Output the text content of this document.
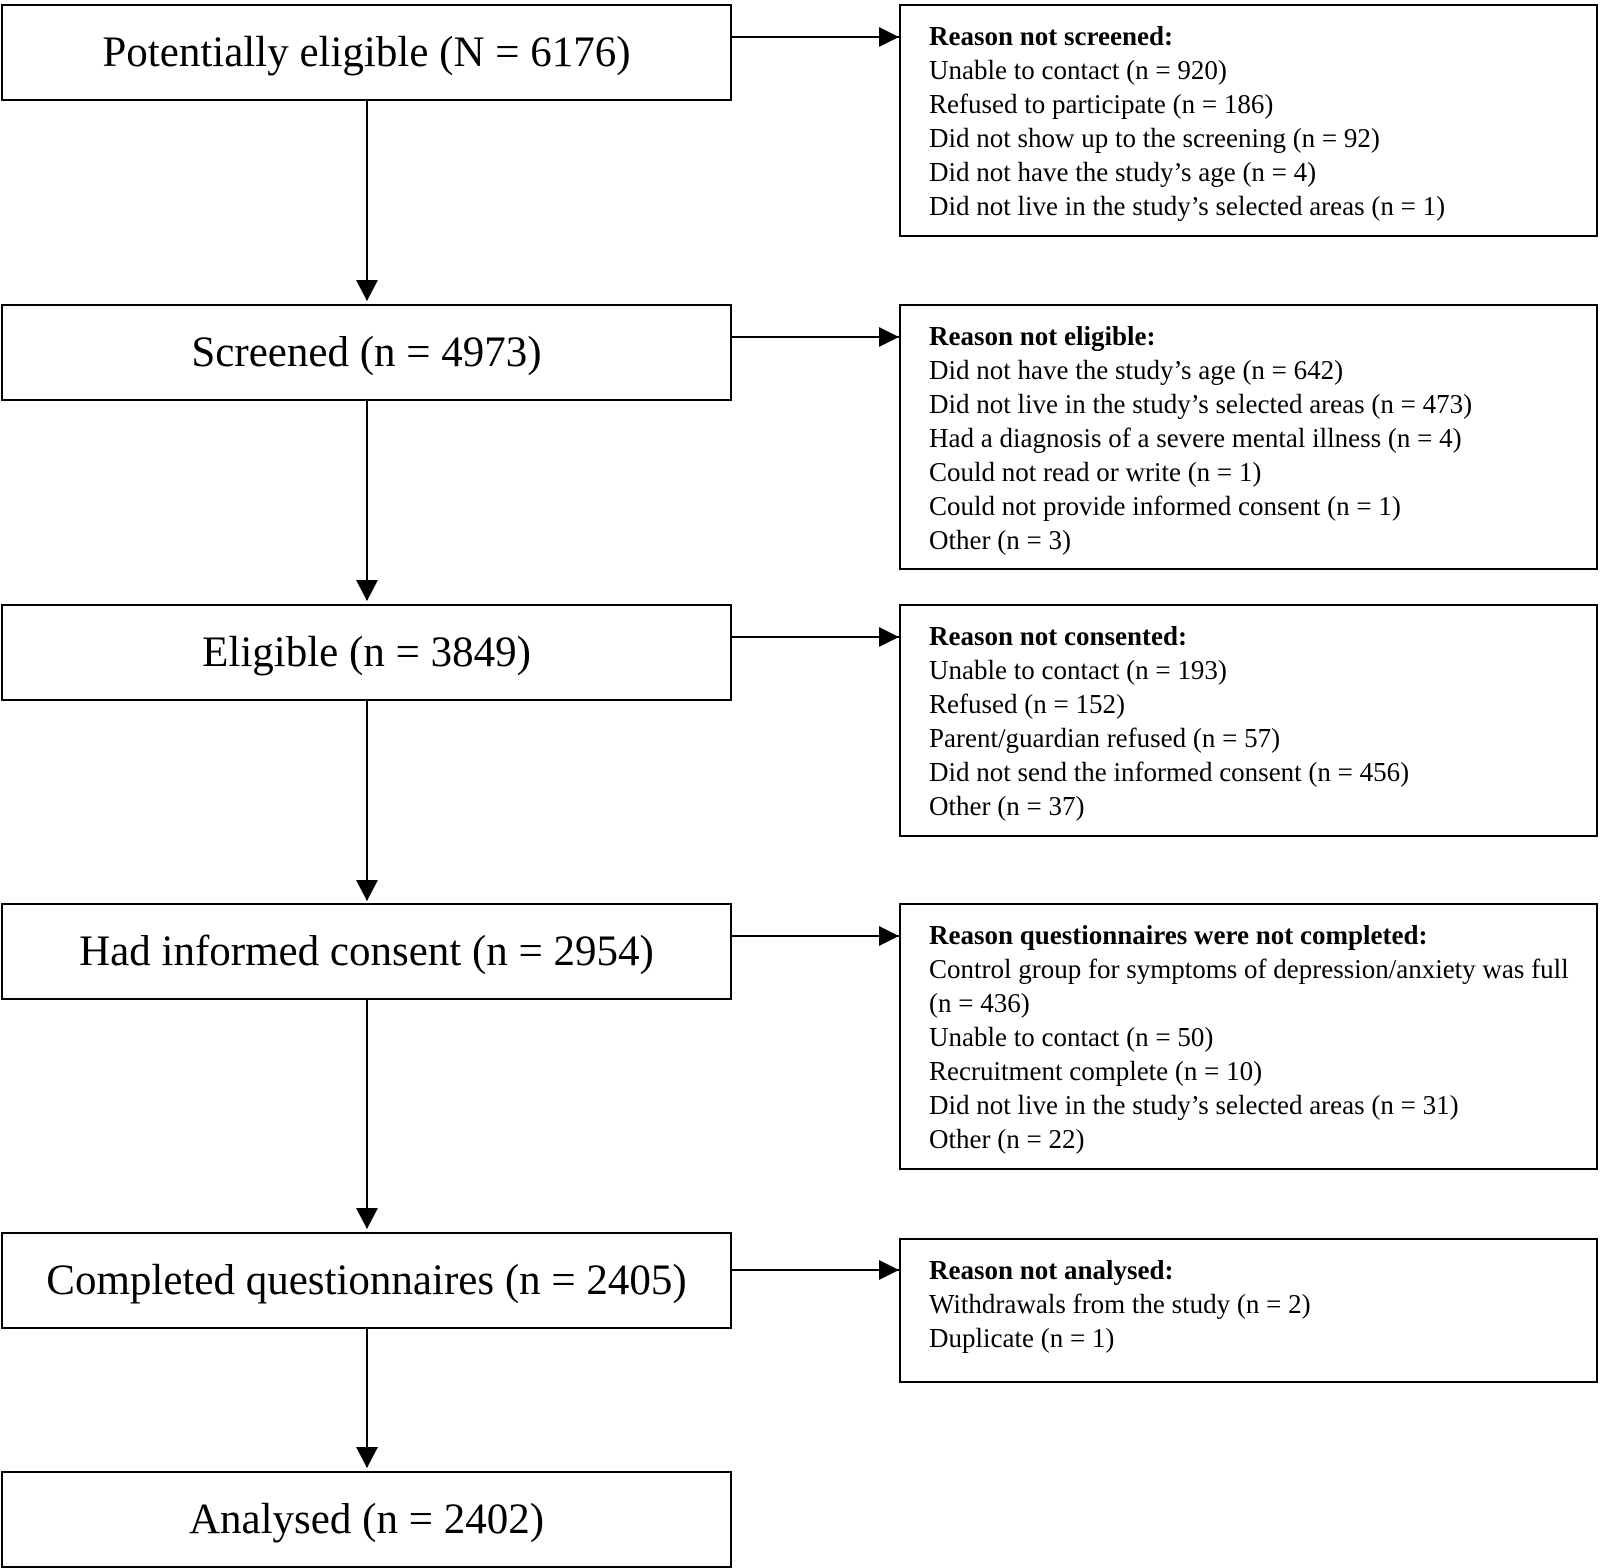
Potentially eligible (N = 6176)
Screened (n = 4973)
Eligible (n = 3849)
Had informed consent (n = 2954)
Completed questionnaires (n = 2405)
Analysed (n = 2402)
Reason not screened:
Unable to contact (n = 920)
Refused to participate (n = 186)
Did not show up to the screening (n = 92)
Did not have the study’s age (n = 4)
Did not live in the study’s selected areas (n = 1)
Reason not eligible:
Did not have the study’s age (n = 642)
Did not live in the study’s selected areas (n = 473)
Had a diagnosis of a severe mental illness (n = 4)
Could not read or write (n = 1)
Could not provide informed consent (n = 1)
Other (n = 3)
Reason not consented:
Unable to contact (n = 193)
Refused (n = 152)
Parent/guardian refused (n = 57)
Did not send the informed consent (n = 456)
Other (n = 37)
Reason questionnaires were not completed:
Control group for symptoms of depression/anxiety was full (n = 436)
Unable to contact (n = 50)
Recruitment complete (n = 10)
Did not live in the study’s selected areas (n = 31)
Other (n = 22)
Reason not analysed:
Withdrawals from the study (n = 2)
Duplicate (n = 1)
